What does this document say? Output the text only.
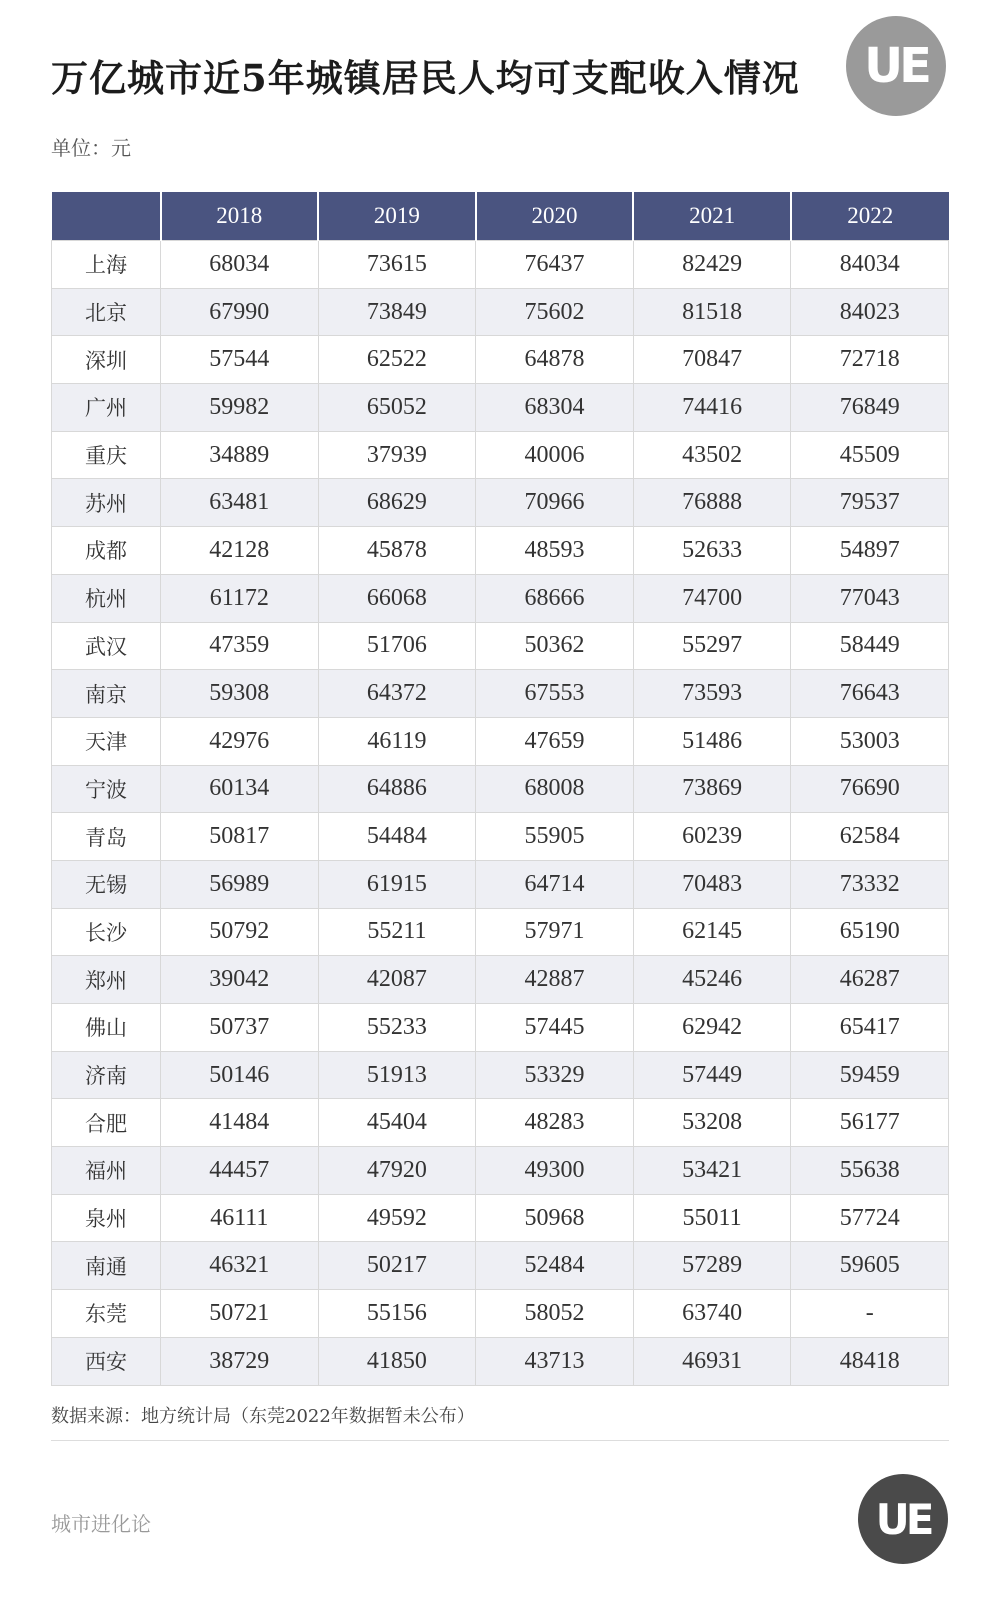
万亿城市近5年城镇居民人均可支配收入情况	UE
单位：元
	2018	2019	2020	2021	2022
上海	68034	73615	76437	82429	84034
北京	67990	73849	75602	81518	84023
深圳	57544	62522	64878	70847	72718
广州	59982	65052	68304	74416	76849
重庆	34889	37939	40006	43502	45509
苏州	63481	68629	70966	76888	79537
成都	42128	45878	48593	52633	54897
杭州	61172	66068	68666	74700	77043
武汉	47359	51706	50362	55297	58449
南京	59308	64372	67553	73593	76643
天津	42976	46119	47659	51486	53003
宁波	60134	64886	68008	73869	76690
青岛	50817	54484	55905	60239	62584
无锡	56989	61915	64714	70483	73332
长沙	50792	55211	57971	62145	65190
郑州	39042	42087	42887	45246	46287
佛山	50737	55233	57445	62942	65417
济南	50146	51913	53329	57449	59459
合肥	41484	45404	48283	53208	56177
福州	44457	47920	49300	53421	55638
泉州	46111	49592	50968	55011	57724
南通	46321	50217	52484	57289	59605
东莞	50721	55156	58052	63740	-
西安	38729	41850	43713	46931	48418
数据来源：地方统计局（东莞2022年数据暂未公布）
城市进化论	UE
